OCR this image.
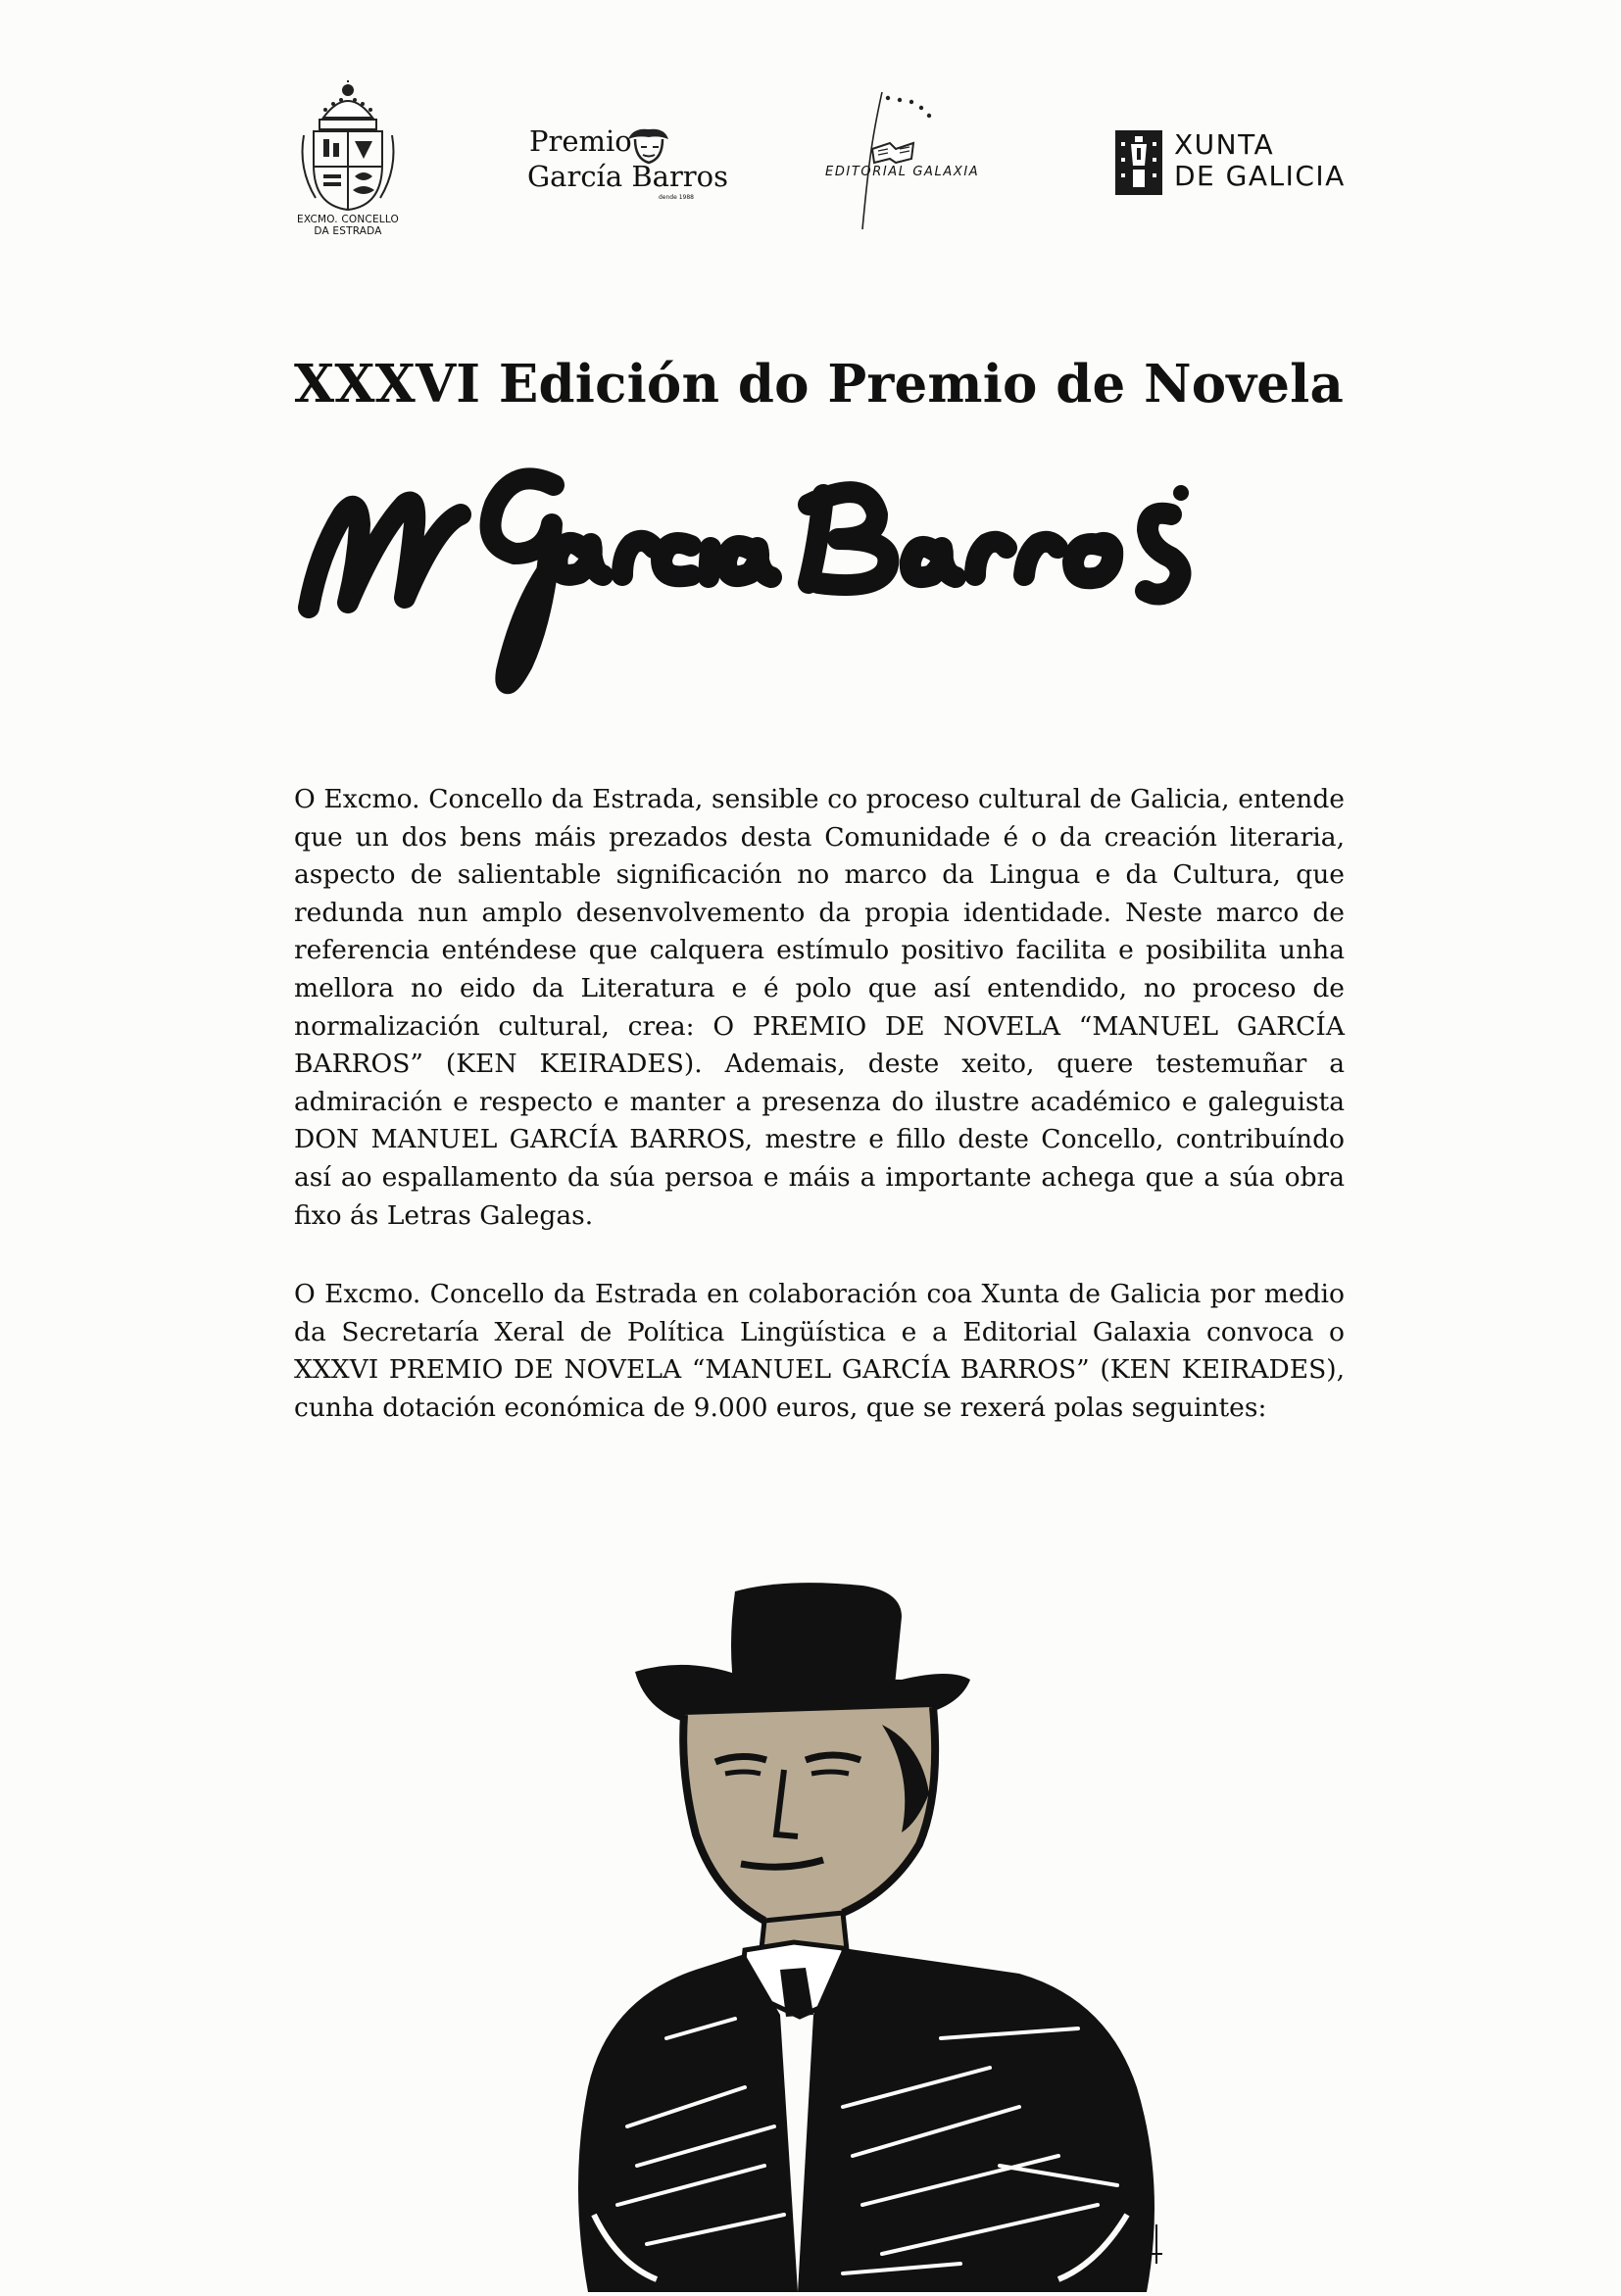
EXCMO. CONCELLO
DA ESTRADA
Premio
García Barros
dende 1988
EDITORIAL GALAXIA
XUNTA
DE GALICIA
XXXVI Edición do Premio de Novela

O Excmo. Concello da Estrada, sensible co proceso cultural de Galicia, entende que un dos bens máis prezados desta Comunidade é o da creación literaria, aspecto de salientable significación no marco da Lingua e da Cultura, que redunda nun amplo desenvolvemento da propia identidade. Neste marco de referencia enténdese que calquera estímulo positivo facilita e posibilita unha mellora no eido da Literatura e é polo que así entendido, no proceso de normalización cultural, crea: O PREMIO DE NOVELA “MANUEL GARCÍA BARROS” (KEN KEIRADES). Ademais, deste xeito, quere testemuñar a admiración e respecto e manter a presenza do ilustre académico e galeguista DON MANUEL GARCÍA BARROS, mestre e fillo deste Concello, contribuíndo así ao espallamento da súa persoa e máis a importante achega que a súa obra fixo ás Letras Galegas.

O Excmo. Concello da Estrada en colaboración coa Xunta de Galicia por medio da Secretaría Xeral de Política Lingüística e a Editorial Galaxia convoca o XXXVI PREMIO DE NOVELA “MANUEL GARCÍA BARROS” (KEN KEIRADES), cunha dotación económica de 9.000 euros, que se rexerá polas seguintes:
